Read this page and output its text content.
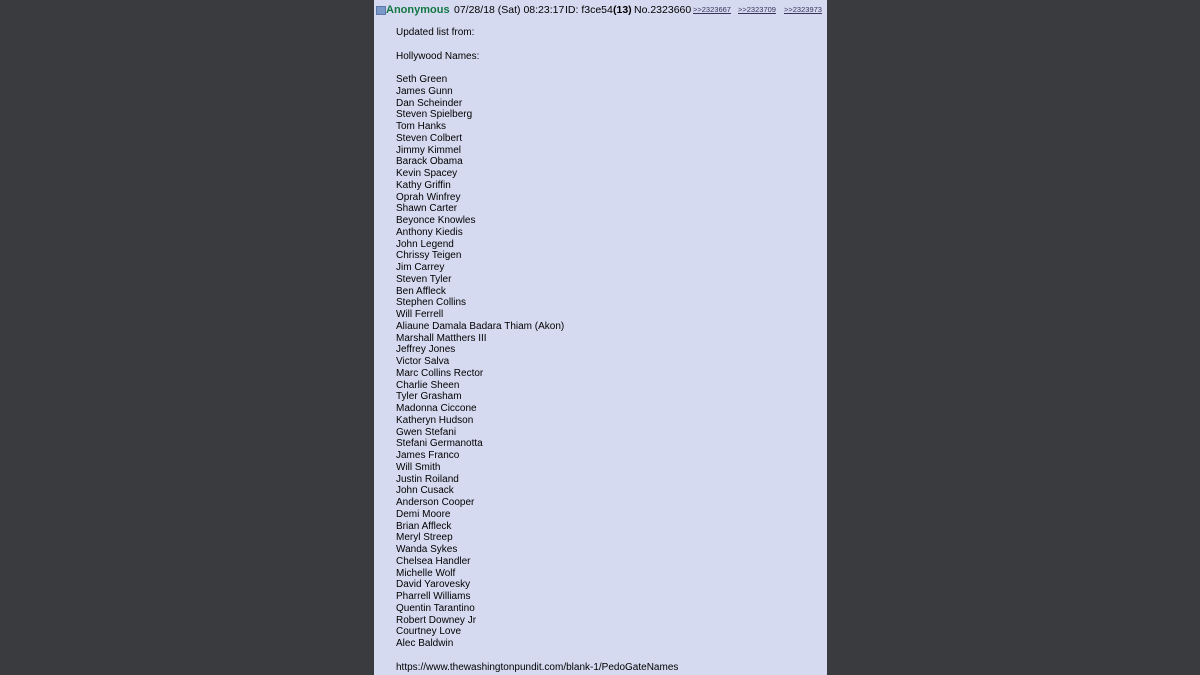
Anonymous 07/28/18 (Sat) 08:23:17 ID: f3ce54 (13) No.2323660 >>2323667 >>2323709 >>2323973
Updated list from:
Hollywood Names:
Seth Green
James Gunn
Dan Scheinder
Steven Spielberg
Tom Hanks
Steven Colbert
Jimmy Kimmel
Barack Obama
Kevin Spacey
Kathy Griffin
Oprah Winfrey
Shawn Carter
Beyonce Knowles
Anthony Kiedis
John Legend
Chrissy Teigen
Jim Carrey
Steven Tyler
Ben Affleck
Stephen Collins
Will Ferrell
Aliaune Damala Badara Thiam (Akon)
Marshall Matthers III
Jeffrey Jones
Victor Salva
Marc Collins Rector
Charlie Sheen
Tyler Grasham
Madonna Ciccone
Katheryn Hudson
Gwen Stefani
Stefani Germanotta
James Franco
Will Smith
Justin Roiland
John Cusack
Anderson Cooper
Demi Moore
Brian Affleck
Meryl Streep
Wanda Sykes
Chelsea Handler
Michelle Wolf
David Yarovesky
Pharrell Williams
Quentin Tarantino
Robert Downey Jr
Courtney Love
Alec Baldwin
https://www.thewashingtonpundit.com/blank-1/PedoGateNames
